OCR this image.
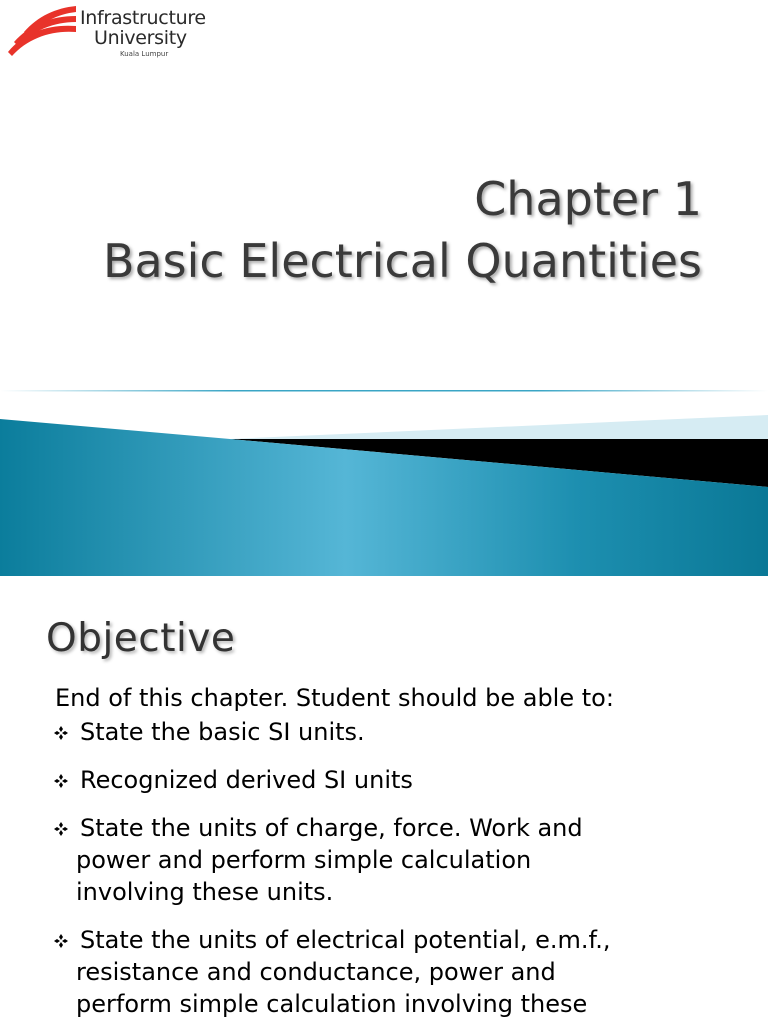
Infrastructure
University
Kuala Lumpur
Chapter 1
Basic Electrical Quantities
Objective
End of this chapter. Student should be able to:
State the basic SI units.
Recognized derived SI units
State the units of charge, force. Work and
power and perform simple calculation
involving these units.
State the units of electrical potential, e.m.f.,
resistance and conductance, power and
perform simple calculation involving these
